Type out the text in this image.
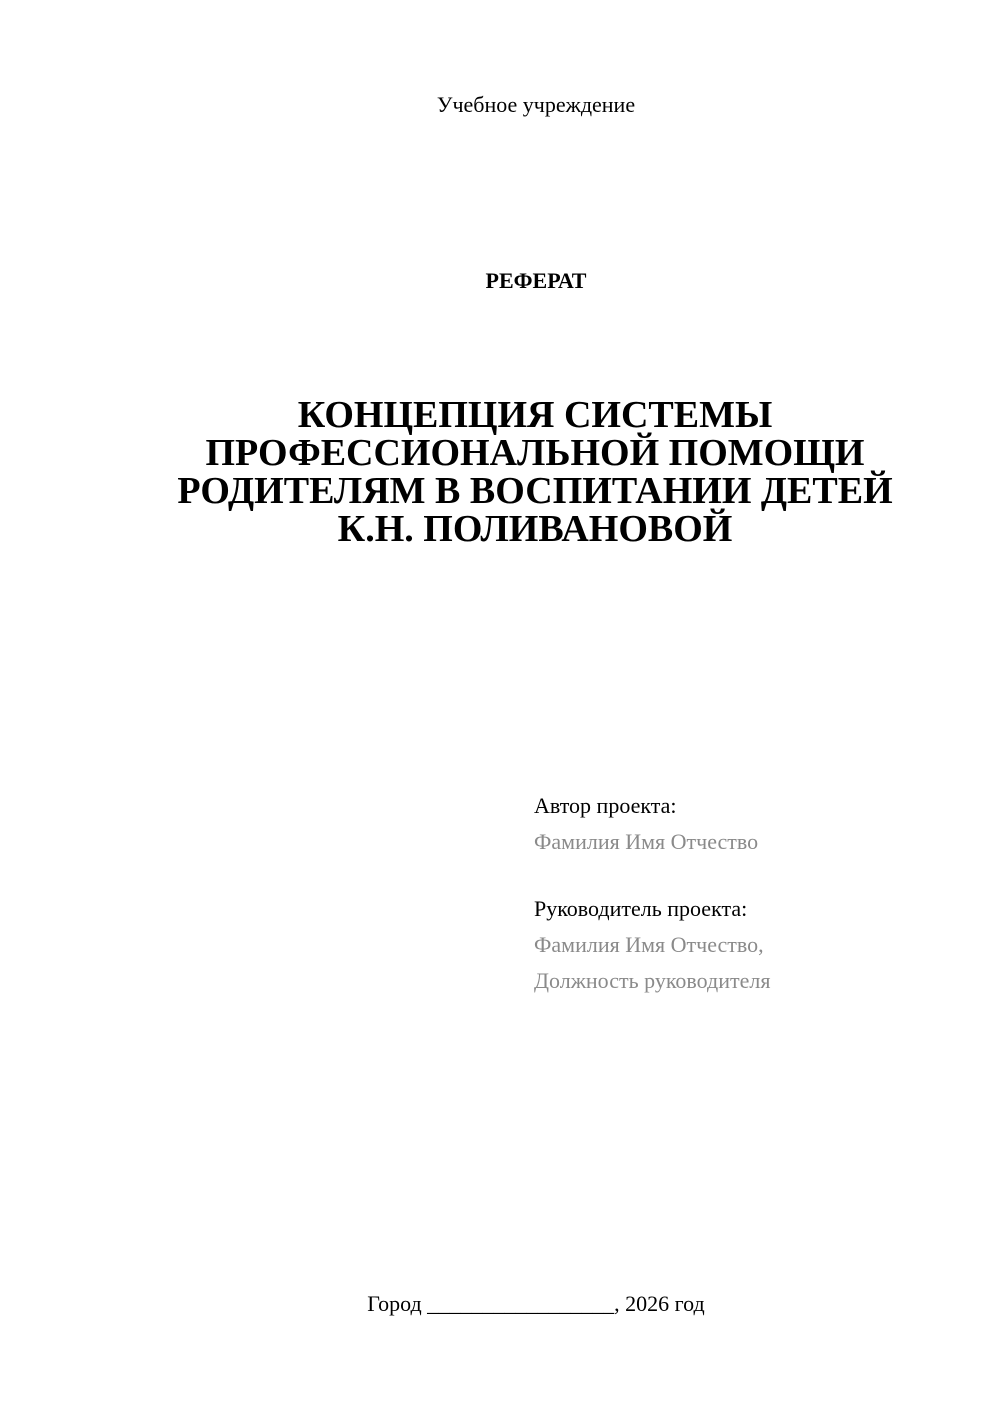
Учебное учреждение
РЕФЕРАТ
КОНЦЕПЦИЯ СИСТЕМЫ
ПРОФЕССИОНАЛЬНОЙ ПОМОЩИ
РОДИТЕЛЯМ В ВОСПИТАНИИ ДЕТЕЙ
К.Н. ПОЛИВАНОВОЙ
Автор проекта:
Фамилия Имя Отчество
Руководитель проекта:
Фамилия Имя Отчество,
Должность руководителя
Город _________________, 2026 год
